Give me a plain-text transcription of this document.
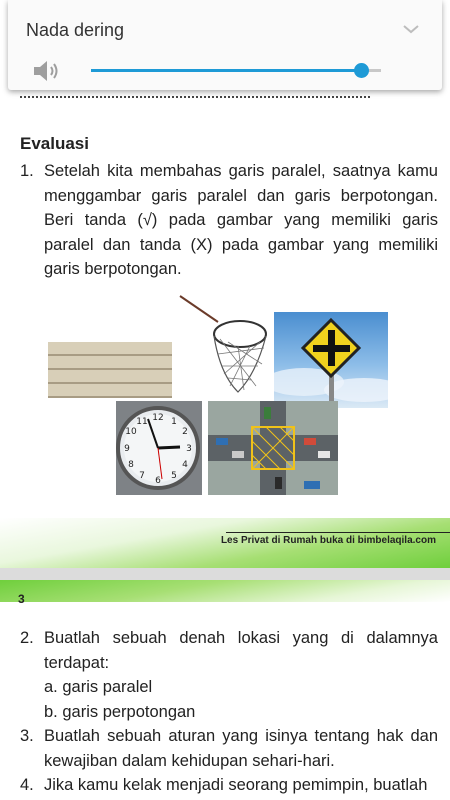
Evaluasi
1. Setelah kita membahas garis paralel, saatnya kamu menggambar garis paralel dan garis berpotongan. Beri tanda (√) pada gambar yang memiliki garis paralel dan tanda (X) pada gambar yang memiliki garis berpotongan.
12 1
2
3
4
5
6
7
8
9
10
11
Les Privat di Rumah buka di bimbelaqila.com
3
2. Buatlah sebuah denah lokasi yang di dalamnya terdapat:
a. garis paralel
b. garis perpotongan
3. Buatlah sebuah aturan yang isinya tentang hak dan kewajiban dalam kehidupan sehari-hari.
4. Jika kamu kelak menjadi seorang pemimpin, buatlah
Nada dering
